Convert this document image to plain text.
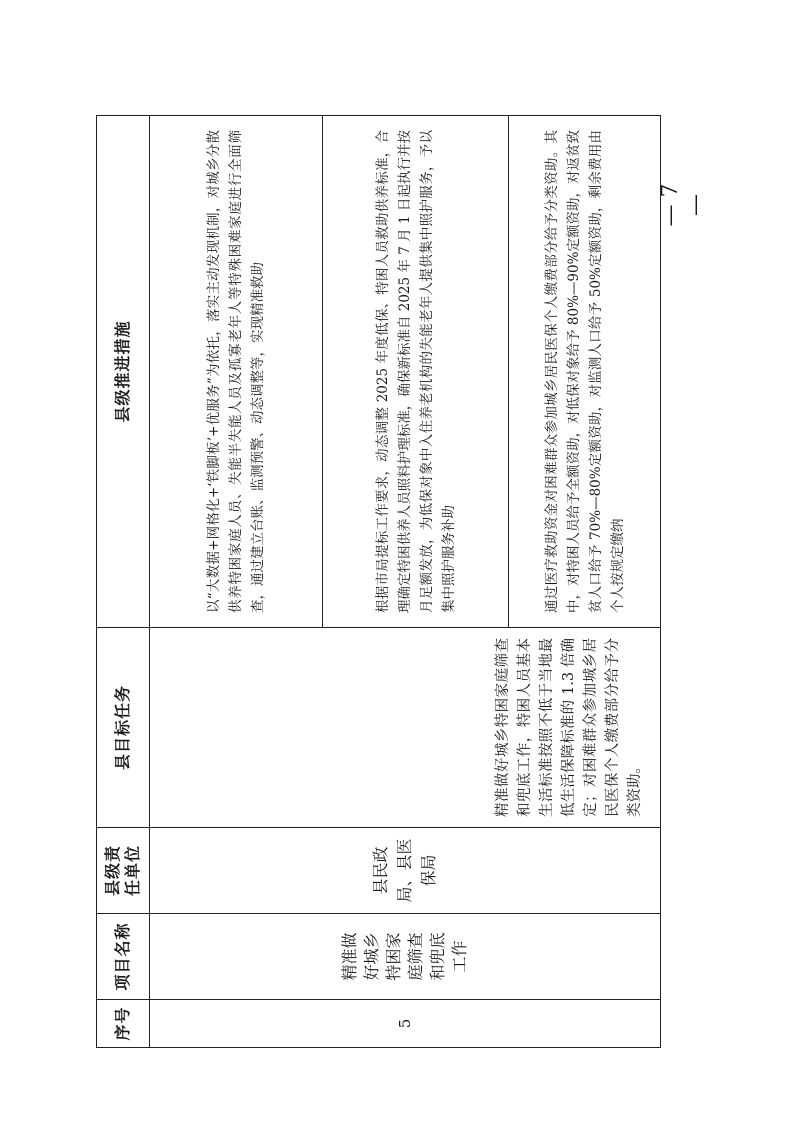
序号	项目名称	县级责任单位	县目标任务	县级推进措施
5	精准做好城乡特困家庭筛查和兜底工作	县民政局、县医保局	精准做好城乡特困家庭筛查和兜底工作，特困人员基本生活标准按照不低于当地最低生活保障标准的 1.3 倍确定；对困难群众参加城乡居民医保个人缴费部分给予分类资助。	以“大数据+网格化+‘铁脚板’+优服务”为依托，落实主动发现机制，对城乡分散供养特困家庭人员、失能半失能人员及孤寡老年人等特殊困难家庭进行全面筛查，通过建立台账、监测预警、动态调整等，实现精准救助
				根据市局提标工作要求，动态调整 2025 年度低保、特困人员救助供养标准，合理确定特困供养人员照料护理标准，确保新标准自 2025 年 7 月 1 日起执行并按月足额发放，为低保对象中入住养老机构的失能老年人提供集中照护服务，予以集中照护服务补助
				通过医疗救助资金对困难群众参加城乡居民医保个人缴费部分给予分类资助。其中，对特困人员给予全额资助，对低保对象给予 80%—90%定额资助，对返贫致贫人口给予 70%—80%定额资助，对监测人口给予 50%定额资助，剩余费用由个人按规定缴纳
— 7 —
